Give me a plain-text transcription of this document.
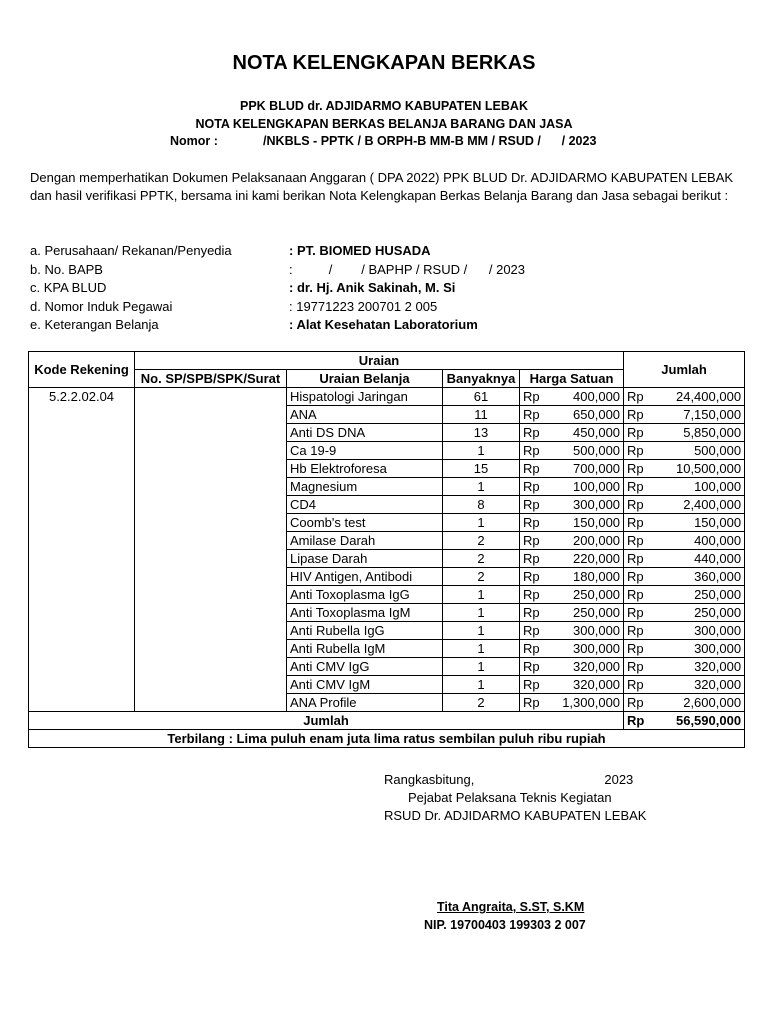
NOTA KELENGKAPAN BERKAS
PPK BLUD dr. ADJIDARMO KABUPATEN LEBAK
NOTA KELENGKAPAN BERKAS BELANJA BARANG DAN JASA
Nomor :             /NKBLS - PPTK / B ORPH-B MM-B MM / RSUD /      / 2023
Dengan memperhatikan Dokumen Pelaksanaan Anggaran ( DPA 2022) PPK BLUD Dr. ADJIDARMO KABUPATEN LEBAK dan hasil verifikasi PPTK, bersama ini kami berikan Nota Kelengkapan Berkas Belanja Barang dan Jasa sebagai berikut :
a. Perusahaan/ Rekanan/Penyedia	: PT. BIOMED HUSADA
b. No. BAPB	:          /        / BAPHP / RSUD /      / 2023
c. KPA BLUD	: dr. Hj. Anik Sakinah, M. Si
d. Nomor Induk Pegawai	: 19771223 200701 2 005
e. Keterangan Belanja	: Alat Kesehatan Laboratorium
Kode Rekening	Uraian					Jumlah	
	No. SP/SPB/SPK/Surat	Uraian Belanja	Banyaknya	Harga Satuan			
5.2.2.02.04		Hispatologi Jaringan	61	Rp	400,000	Rp	24,400,000
		ANA	11	Rp	650,000	Rp	7,150,000
		Anti DS DNA	13	Rp	450,000	Rp	5,850,000
		Ca 19-9	1	Rp	500,000	Rp	500,000
		Hb Elektroforesa	15	Rp	700,000	Rp	10,500,000
		Magnesium	1	Rp	100,000	Rp	100,000
		CD4	8	Rp	300,000	Rp	2,400,000
		Coomb's test	1	Rp	150,000	Rp	150,000
		Amilase Darah	2	Rp	200,000	Rp	400,000
		Lipase Darah	2	Rp	220,000	Rp	440,000
		HIV Antigen, Antibodi	2	Rp	180,000	Rp	360,000
		Anti Toxoplasma IgG	1	Rp	250,000	Rp	250,000
		Anti Toxoplasma IgM	1	Rp	250,000	Rp	250,000
		Anti Rubella IgG	1	Rp	300,000	Rp	300,000
		Anti Rubella IgM	1	Rp	300,000	Rp	300,000
		Anti CMV IgG	1	Rp	320,000	Rp	320,000
		Anti CMV IgM	1	Rp	320,000	Rp	320,000
		ANA Profile	2	Rp	1,300,000	Rp	2,600,000
Jumlah						Rp	56,590,000
Terbilang : Lima puluh enam juta lima ratus sembilan puluh ribu rupiah							
Rangkasbitung,                                    2023
Pejabat Pelaksana Teknis Kegiatan
RSUD Dr. ADJIDARMO KABUPATEN LEBAK
Tita Angraita, S.ST, S.KM
NIP. 19700403 199303 2 007
